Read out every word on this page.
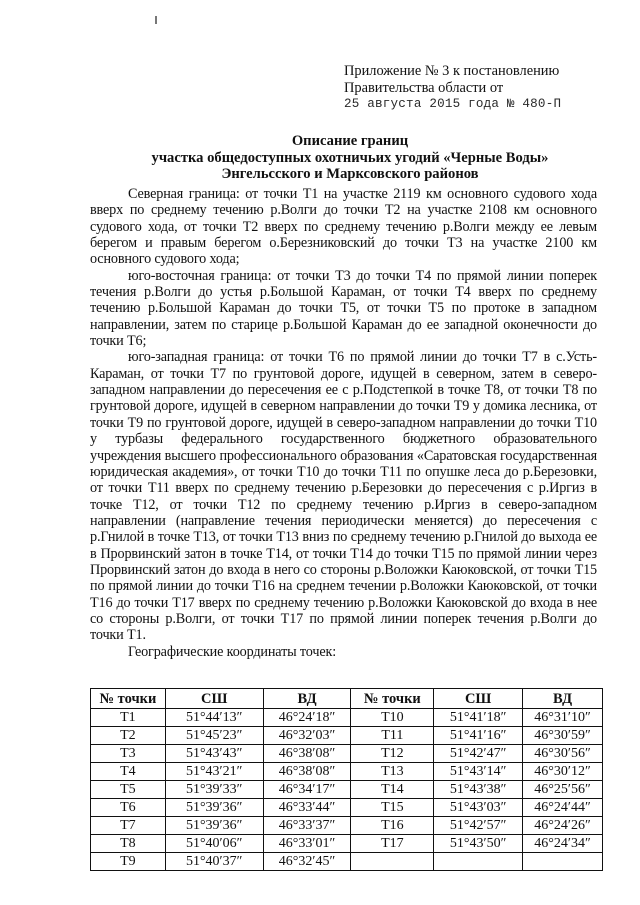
Приложение № 3 к постановлению
Правительства области от
25 августа 2015 года № 480-П
Описание границ
участка общедоступных охотничьих угодий «Черные Воды»
Энгельсского и Марксовского районов

Северная граница: от точки Т1 на участке 2119 км основного судового хода вверх по среднему течению р.Волги до точки Т2 на участке 2108 км основного судового хода, от точки Т2 вверх по среднему течению р.Волги между ее левым берегом и правым берегом о.Березниковский до точки Т3 на участке 2100 км основного судового хода;

юго-восточная граница: от точки Т3 до точки Т4 по прямой линии поперек течения р.Волги до устья р.Большой Караман, от точки Т4 вверх по среднему течению р.Большой Караман до точки Т5, от точки Т5 по протоке в западном направлении, затем по старице р.Большой Караман до ее западной оконечности до точки Т6;

юго-западная граница: от точки Т6 по прямой линии до точки Т7 в с.Усть-Караман, от точки Т7 по грунтовой дороге, идущей в северном, затем в северо-западном направлении до пересечения ее с р.Подстепкой в точке Т8, от точки Т8 по грунтовой дороге, идущей в северном направлении до точки Т9 у домика лесника, от точки Т9 по грунтовой дороге, идущей в северо-западном направлении до точки Т10 у турбазы федерального государственного бюджетного образовательного учреждения высшего профессионального образования «Саратовская государственная юридическая академия», от точки Т10 до точки Т11 по опушке леса до р.Березовки, от точки Т11 вверх по среднему течению р.Березовки до пересечения с р.Иргиз в точке Т12, от точки Т12 по среднему течению р.Иргиз в северо-западном направлении (направление течения периодически меняется) до пересечения с р.Гнилой в точке Т13, от точки Т13 вниз по среднему течению р.Гнилой до выхода ее в Прорвинский затон в точке Т14, от точки Т14 до точки Т15 по прямой линии через Прорвинский затон до входа в него со стороны р.Воложки Каюковской, от точки Т15 по прямой линии до точки Т16 на среднем течении р.Воложки Каюковской, от точки Т16 до точки Т17 вверх по среднему течению р.Воложки Каюковской до входа в нее со стороны р.Волги, от точки Т17 по прямой линии поперек течения р.Волги до точки Т1.

Географические координаты точек:

№ точки	СШ	ВД	№ точки	СШ	ВД
Т1	51°44′13″	46°24′18″	Т10	51°41′18″	46°31′10″
Т2	51°45′23″	46°32′03″	Т11	51°41′16″	46°30′59″
Т3	51°43′43″	46°38′08″	Т12	51°42′47″	46°30′56″
Т4	51°43′21″	46°38′08″	Т13	51°43′14″	46°30′12″
Т5	51°39′33″	46°34′17″	Т14	51°43′38″	46°25′56″
Т6	51°39′36″	46°33′44″	Т15	51°43′03″	46°24′44″
Т7	51°39′36″	46°33′37″	Т16	51°42′57″	46°24′26″
Т8	51°40′06″	46°33′01″	Т17	51°43′50″	46°24′34″
Т9	51°40′37″	46°32′45″			
